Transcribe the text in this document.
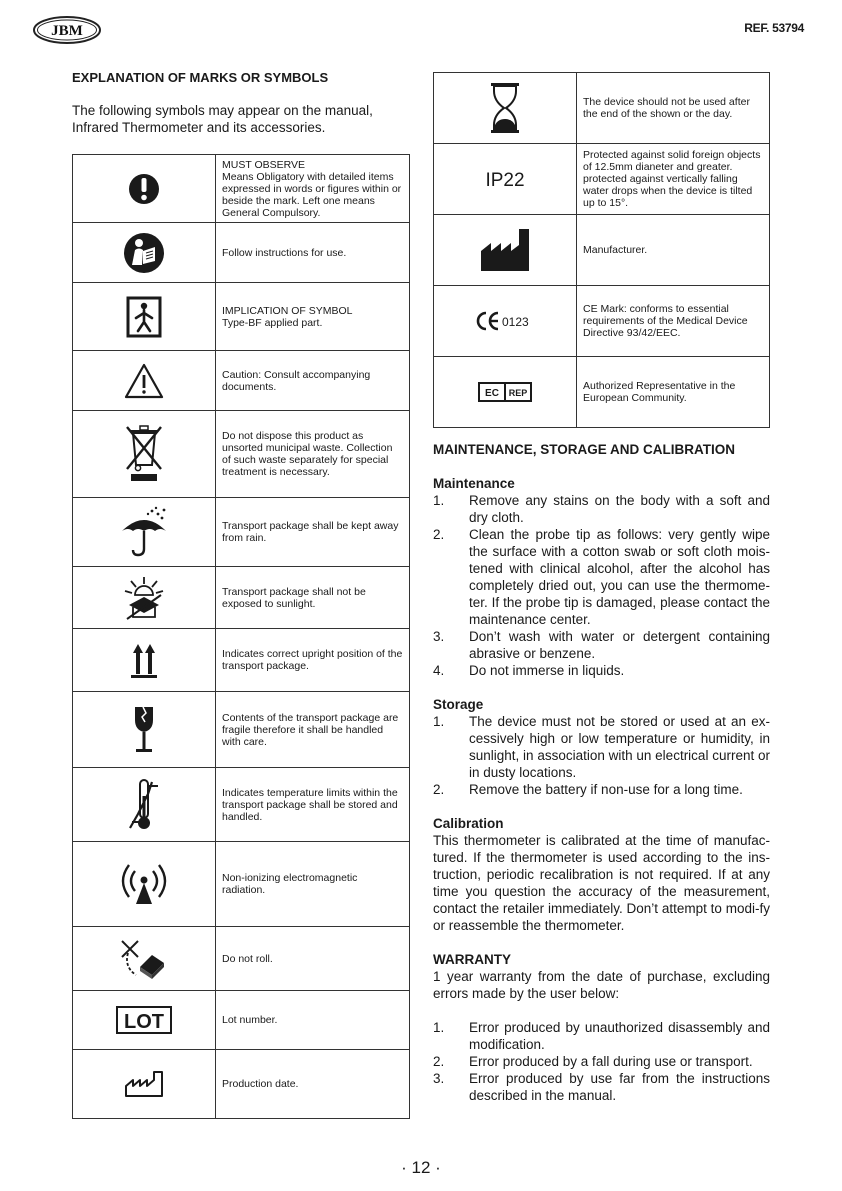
JBM	REF. 53794
EXPLANATION OF MARKS OR SYMBOLS
The following symbols may appear on the manual, Infrared Thermometer and its accessories.
	MUST OBSERVE
Means Obligatory with detailed items expressed in words or figures within or beside the mark. Left one means General Compulsory.
	Follow instructions for use.
	IMPLICATION OF SYMBOL
Type-BF applied part.
	Caution: Consult accompanying documents.
	Do not dispose this product as unsorted municipal waste. Collection of such waste separately for special treatment is necessary.
	Transport package shall be kept away from rain.
	Transport package shall not be exposed to sunlight.
	Indicates correct upright position of the transport package.
	Contents of the transport package are fragile therefore it shall be handled with care.
	Indicates temperature limits within the transport package shall be stored and handled.
	Non-ionizing electromagnetic radiation.
	Do not roll.

LOT	Lot number.
	Production date.
	The device should not be used after the end of the shown or the day.

IP22	Protected against solid foreign objects of 12.5mm dianeter and greater. protected against vertically falling water drops when the device is tilted up to 15°.
	Manufacturer.

0123	CE Mark: conforms to essential requirements of the Medical Device Directive 93/42/EEC.

EC REP	Authorized Representative in the European Community.
MAINTENANCE, STORAGE AND CALIBRATION
Maintenance
1.	Remove any stains on the body with a soft and dry cloth.
2.	Clean the probe tip as follows: very gently wipe the surface with a cotton swab or soft cloth mois-tened with clinical alcohol, after the alcohol has completely dried out, you can use the thermome-ter. If the probe tip is damaged, please contact the maintenance center.
3.	Don’t wash with water or detergent containing abrasive or benzene.
4.	Do not immerse in liquids.
Storage
1.	The device must not be stored or used at an ex-cessively high or low temperature or humidity, in sunlight, in association with un electrical current or in dusty locations.
2.	Remove the battery if non-use for a long time.
Calibration
This thermometer is calibrated at the time of manufac-tured. If the thermometer is used according to the ins-truction, periodic recalibration is not required. If at any time you question the accuracy of the measurement, contact the retailer immediately. Don’t attempt to modi-fy or reassemble the thermometer.
WARRANTY
1 year warranty from the date of purchase, excluding errors made by the user below:
1.	Error produced by unauthorized disassembly and modification.
2.	Error produced by a fall during use or transport.
3.	Error produced by use far from the instructions described in the manual.
· 12 ·
